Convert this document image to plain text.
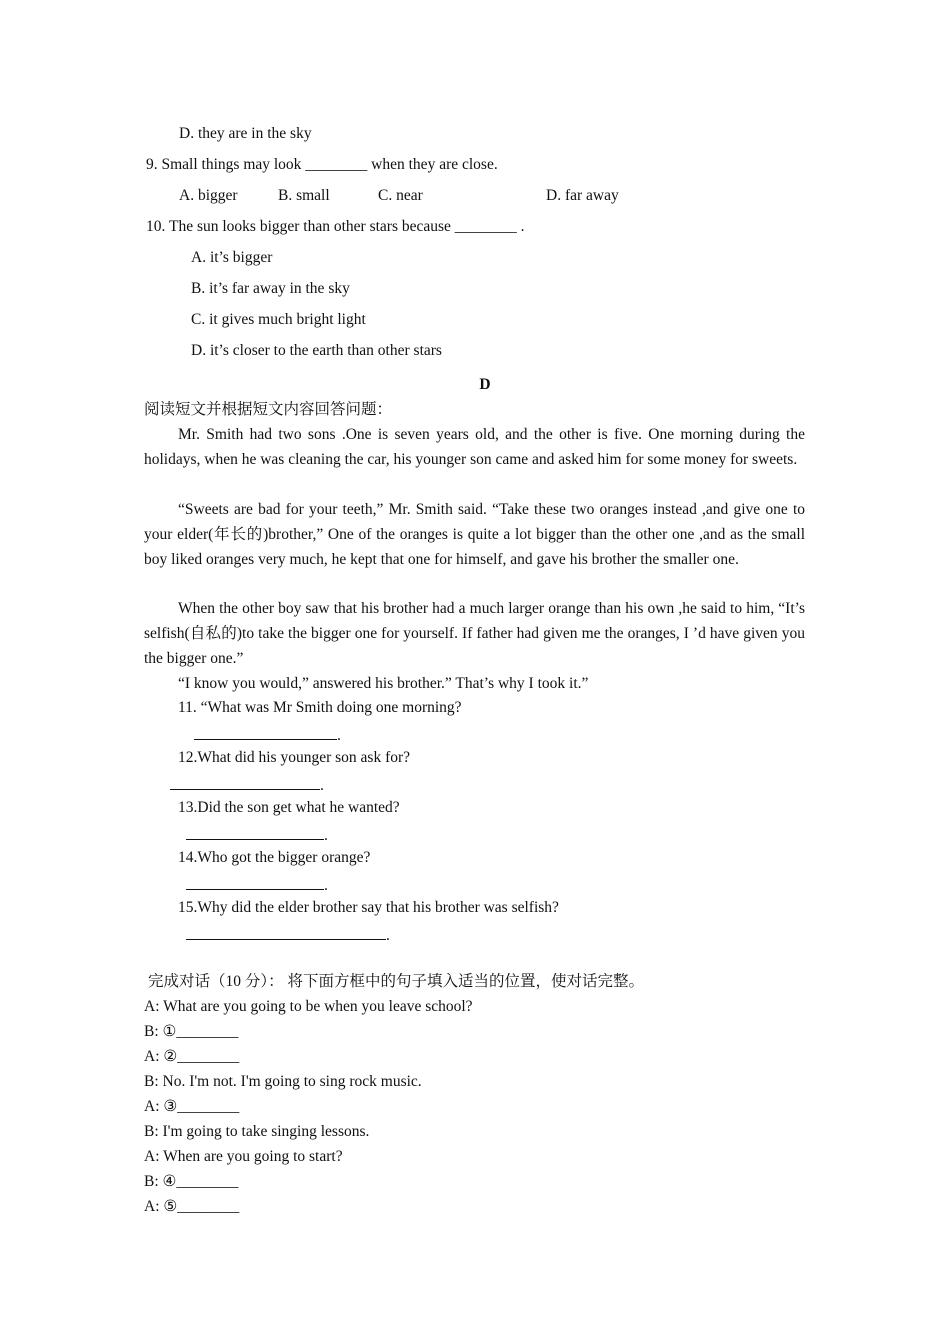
D. they are in the sky
9. Small things may look ________ when they are close.
A. bigger	B. small	C. near	D. far away
10. The sun looks bigger than other stars because ________ .
A. it’s bigger
B. it’s far away in the sky
C. it gives much bright light
D. it’s closer to the earth than other stars
D
阅读短文并根据短文内容回答问题：
Mr. Smith had two sons .One is seven years old, and the other is five. One morning during the holidays, when he was cleaning the car, his younger son came and asked him for some money for sweets.
“Sweets are bad for your teeth,” Mr. Smith said. “Take these two oranges instead ,and give one to your elder(年长的)brother,” One of the oranges is quite a lot bigger than the other one ,and as the small boy liked oranges very much, he kept that one for himself, and gave his brother the smaller one.
When the other boy saw that his brother had a much larger orange than his own ,he said to him, “It’s selfish(自私的)to take the bigger one for yourself. If father had given me the oranges, I ’d have given you the bigger one.”
“I know you would,” answered his brother.” That’s why I took it.”
11. “What was Mr Smith doing one morning?
.
12.What did his younger son ask for?
.
13.Did the son get what he wanted?
.
14.Who got the bigger orange?
.
15.Why did the elder brother say that his brother was selfish?
.
完成对话（10 分）： 将下面方框中的句子填入适当的位置，使对话完整。
A: What are you going to be when you leave school?
B: ①________
A: ②________
B: No. I'm not. I'm going to sing rock music.
A: ③________
B: I'm going to take singing lessons.
A: When are you going to start?
B: ④________
A: ⑤________
